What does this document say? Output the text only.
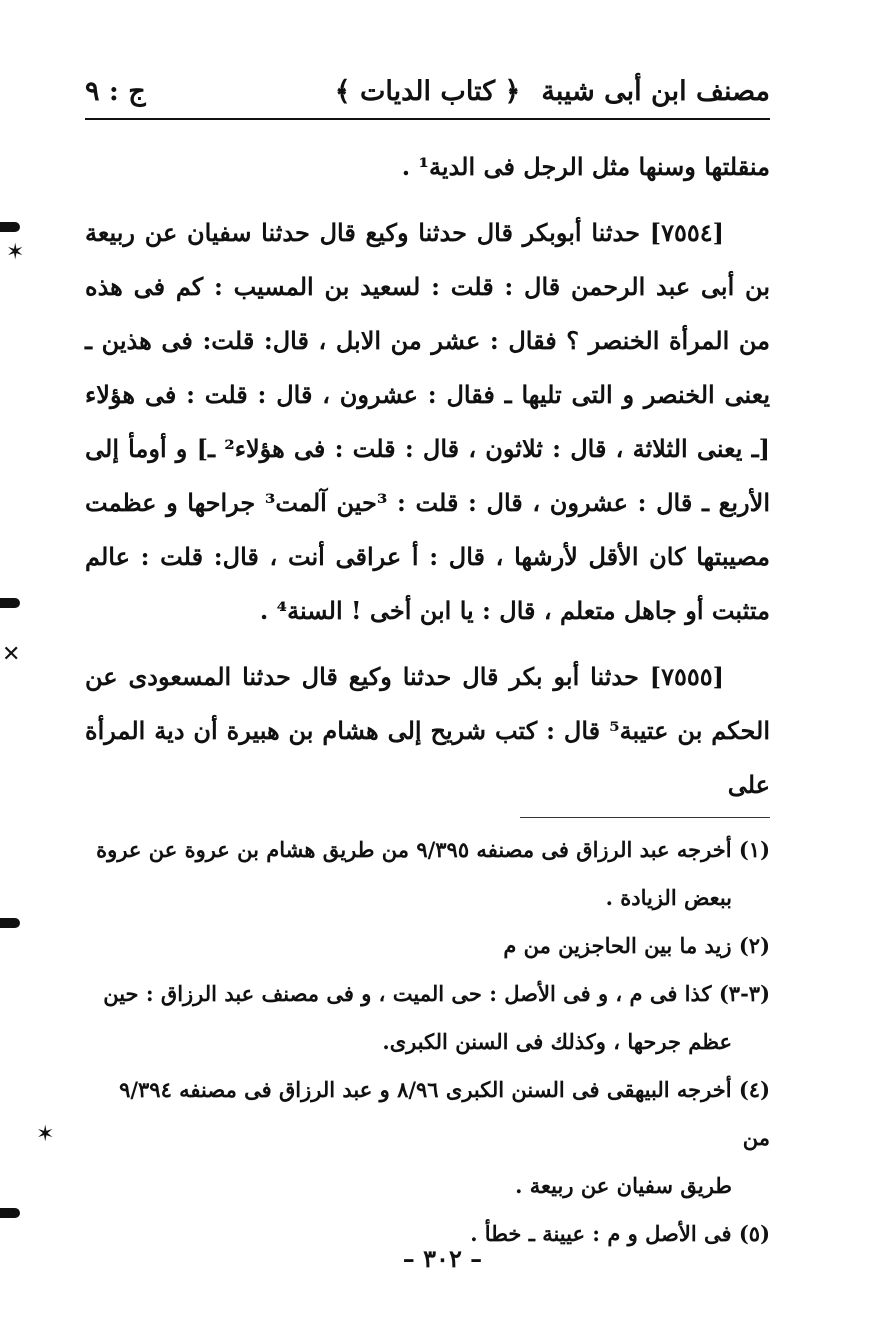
مصنف ابن أبى شيبة
﴿ كتاب الديات ﴾
ج : ٩

منقلتها وسنها مثل الرجل فى الدية¹ .

[٧٥٥٤] حدثنا أبوبكر قال حدثنا وكيع قال حدثنا سفيان عن ربيعة بن أبى عبد الرحمن قال : قلت : لسعيد بن المسيب : كم فى هذه من المرأة الخنصر ؟ فقال : عشر من الابل ، قال: قلت: فى هذين ـ يعنى الخنصر و التى تليها ـ فقال : عشرون ، قال : قلت : فى هؤلاء [ـ يعنى الثلاثة ، قال : ثلاثون ، قال : قلت : فى هؤلاء² ـ] و أومأ إلى الأربع ـ قال : عشرون ، قال : قلت : ³حين آلمت³ جراحها و عظمت مصيبتها كان الأقل لأرشها ، قال : أ عراقى أنت ، قال: قلت : عالم متثبت أو جاهل متعلم ، قال : يا ابن أخى ! السنة⁴ .

[٧٥٥٥] حدثنا أبو بكر قال حدثنا وكيع قال حدثنا المسعودى عن الحكم بن عتيبة⁵ قال : كتب شريح إلى هشام بن هبيرة أن دية المرأة على

(١) أخرجه عبد الرزاق فى مصنفه ٩/٣٩٥ من طريق هشام بن عروة عن عروة

ببعض الزيادة .

(٢) زيد ما بين الحاجزين من م

(٣-٣) كذا فى م ، و فى الأصل : حى الميت ، و فى مصنف عبد الرزاق : حين

عظم جرحها ، وكذلك فى السنن الكبرى.

(٤) أخرجه البيهقى فى السنن الكبرى ٨/٩٦ و عبد الرزاق فى مصنفه ٩/٣٩٤ من

طريق سفيان عن ربيعة .

(٥) فى الأصل و م : عيينة ـ خطأ .

– ٣٠٢ –
✶
✕
✶
